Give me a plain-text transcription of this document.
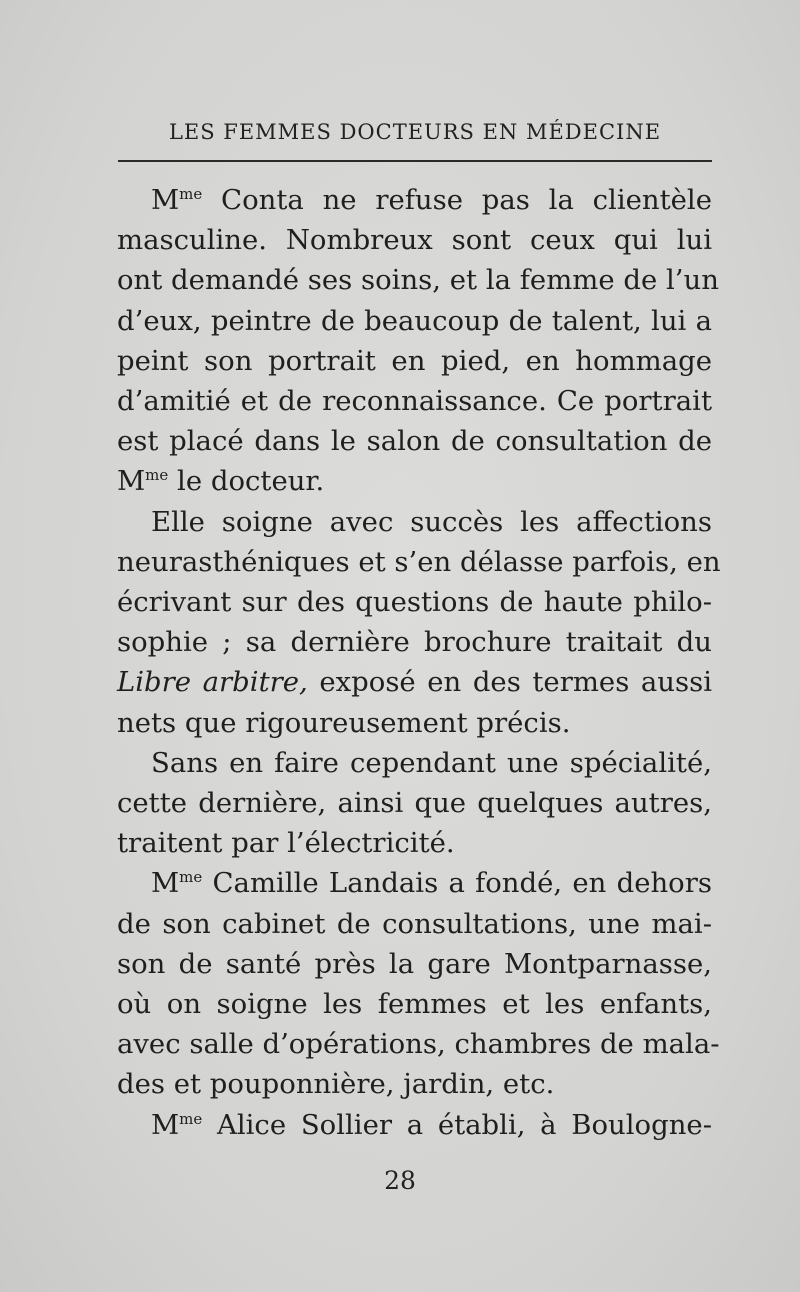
LES FEMMES DOCTEURS EN MÉDECINE
$M^{me}$ Conta ne refuse pas la clientèle
masculine. Nombreux sont ceux qui lui
ont demandé ses soins, et la femme de l’un
d’eux, peintre de beaucoup de talent, lui a
peint son portrait en pied, en hommage
d’amitié et de reconnaissance. Ce portrait
est placé dans le salon de consultation de
$M^{me}$ le docteur.
Elle soigne avec succès les affections
neurasthéniques et s’en délasse parfois, en
écrivant sur des questions de haute philo-
sophie ; sa dernière brochure traitait du
Libre arbitre, exposé en des termes aussi
nets que rigoureusement précis.
Sans en faire cependant une spécialité,
cette dernière, ainsi que quelques autres,
traitent par l’électricité.
$M^{me}$ Camille Landais a fondé, en dehors
de son cabinet de consultations, une mai-
son de santé près la gare Montparnasse,
où on soigne les femmes et les enfants,
avec salle d’opérations, chambres de mala-
des et pouponnière, jardin, etc.
$M^{me}$ Alice Sollier a établi, à Boulogne-
28
